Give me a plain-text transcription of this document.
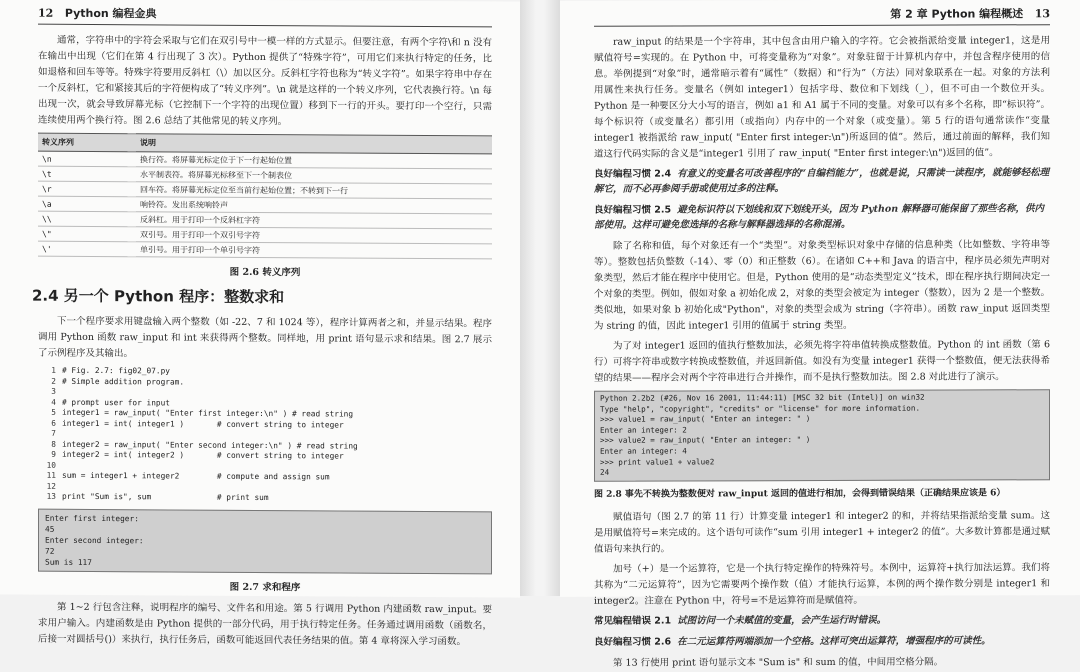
12 Python 编程金典

通常，字符串中的字符会采取与它们在双引号中一模一样的方式显示。但要注意，有两个字符\和 n 没有在输出中出现（它们在第 4 行出现了 3 次）。Python 提供了“特殊字符”，可用它们来执行特定的任务，比如退格和回车等等。特殊字符要用反斜杠（\）加以区分。反斜杠字符也称为“转义字符”。如果字符串中存在一个反斜杠，它和紧接其后的字符便构成了“转义序列”。\n 就是这样的一个转义序列，它代表换行符。\n 每出现一次，就会导致屏幕光标（它控制下一个字符的出现位置）移到下一行的开头。要打印一个空行，只需连续使用两个换行符。图 2.6 总结了其他常见的转义序列。

转义序列	说明
\n	换行符。将屏幕光标定位于下一行起始位置
\t	水平制表符。将屏幕光标移至下一个制表位
\r	回车符。将屏幕光标定位至当前行起始位置；不转到下一行
\a	响铃符。发出系统响铃声
\\	反斜杠。用于打印一个反斜杠字符
\"	双引号。用于打印一个双引号字符
\'	单引号。用于打印一个单引号字符
图 2.6 转义序列
2.4 另一个 Python 程序：整数求和

下一个程序要求用键盘输入两个整数（如 -22、7 和 1024 等），程序计算两者之和，并显示结果。程序调用 Python 函数 raw_input 和 int 来获得两个整数。同样地，用 print 语句显示求和结果。图 2.7 展示了示例程序及其输出。

1 # Fig. 2.7: fig02_07.py
2 # Simple addition program.
3
4 # prompt user for input
5 integer1 = raw_input( "Enter first integer:\n" ) # read string
6 integer1 = int( integer1 )       # convert string to integer
7
8 integer2 = raw_input( "Enter second integer:\n" ) # read string
9 integer2 = int( integer2 )       # convert string to integer
10
11 sum = integer1 + integer2        # compute and assign sum
12
13 print "Sum is", sum              # print sum
Enter first integer:
45
Enter second integer:
72
Sum is 117
图 2.7 求和程序

第 1~2 行包含注释，说明程序的编号、文件名和用途。第 5 行调用 Python 内建函数 raw_input。要求用户输入。内建函数是由 Python 提供的一部分代码，用于执行特定任务。任务通过调用函数（函数名，后接一对圆括号()）来执行，执行任务后，函数可能返回代表任务结果的值。第 4 章将深入学习函数。

第 2 章 Python 编程概述 13

raw_input 的结果是一个字符串，其中包含由用户输入的字符。它会被指派给变量 integer1，这是用赋值符号=实现的。在 Python 中，可将变量称为“对象”。对象驻留于计算机内存中，并包含程序使用的信息。举例提到“对象”时，通常暗示着有“属性”（数据）和“行为”（方法）同对象联系在一起。对象的方法利用属性来执行任务。变量名（例如 integer1）包括字母、数位和下划线（_），但不可由一个数位开头。Python 是一种要区分大小写的语言，例如 a1 和 A1 属于不同的变量。对象可以有多个名称，即“标识符”。每个标识符（或变量名）都引用（或指向）内存中的一个对象（或变量）。第 5 行的语句通常读作“变量 integer1 被指派给 raw_input( "Enter first integer:\n")所返回的值”。然后，通过前面的解释，我们知道这行代码实际的含义是“integer1 引用了 raw_input( "Enter first integer:\n")返回的值”。

良好编程习惯 2.4 有意义的变量名可改善程序的“自编档能力”，也就是说，只需读一读程序，就能够轻松理解它，而不必再参阅手册或使用过多的注释。
良好编程习惯 2.5 避免标识符以下划线和双下划线开头，因为 Python 解释器可能保留了那些名称，供内部使用。这样可避免您选择的名称与解释器选择的名称混淆。

除了名称和值，每个对象还有一个“类型”。对象类型标识对象中存储的信息种类（比如整数、字符串等等）。整数包括负整数（-14）、零（0）和正整数（6）。在诸如 C++和 Java 的语言中，程序员必须先声明对象类型，然后才能在程序中使用它。但是，Python 使用的是“动态类型定义”技术，即在程序执行期间决定一个对象的类型。例如，假如对象 a 初始化成 2，对象的类型会被定为 integer（整数），因为 2 是一个整数。类似地，如果对象 b 初始化成"Python"，对象的类型会成为 string（字符串）。函数 raw_input 返回类型为 string 的值，因此 integer1 引用的值属于 string 类型。

为了对 integer1 返回的值执行整数加法，必须先将字符串值转换成整数值。Python 的 int 函数（第 6 行）可将字符串或数字转换成整数值，并返回新值。如没有为变量 integer1 获得一个整数值，便无法获得希望的结果——程序会对两个字符串进行合并操作，而不是执行整数加法。图 2.8 对此进行了演示。

Python 2.2b2 (#26, Nov 16 2001, 11:44:11) [MSC 32 bit (Intel)] on win32
Type "help", "copyright", "credits" or "license" for more information.
>>> value1 = raw_input( "Enter an integer: " )
Enter an integer: 2
>>> value2 = raw_input( "Enter an integer: " )
Enter an integer: 4
>>> print value1 + value2
24
图 2.8 事先不转换为整数便对 raw_input 返回的值进行相加，会得到错误结果（正确结果应该是 6）

赋值语句（图 2.7 的第 11 行）计算变量 integer1 和 integer2 的和，并将结果指派给变量 sum。这是用赋值符号=来完成的。这个语句可读作“sum 引用 integer1 + integer2 的值”。大多数计算都是通过赋值语句来执行的。

加号（+）是一个运算符，它是一个执行特定操作的特殊符号。本例中，运算符+执行加法运算。我们将其称为“二元运算符”，因为它需要两个操作数（值）才能执行运算，本例的两个操作数分别是 integer1 和 integer2。注意在 Python 中，符号=不是运算符而是赋值符。

常见编程错误 2.1 试图访问一个未赋值的变量，会产生运行时错误。
良好编程习惯 2.6 在二元运算符两端添加一个空格。这样可突出运算符，增强程序的可读性。

第 13 行使用 print 语句显示文本 "Sum is" 和 sum 的值，中间用空格分隔。
